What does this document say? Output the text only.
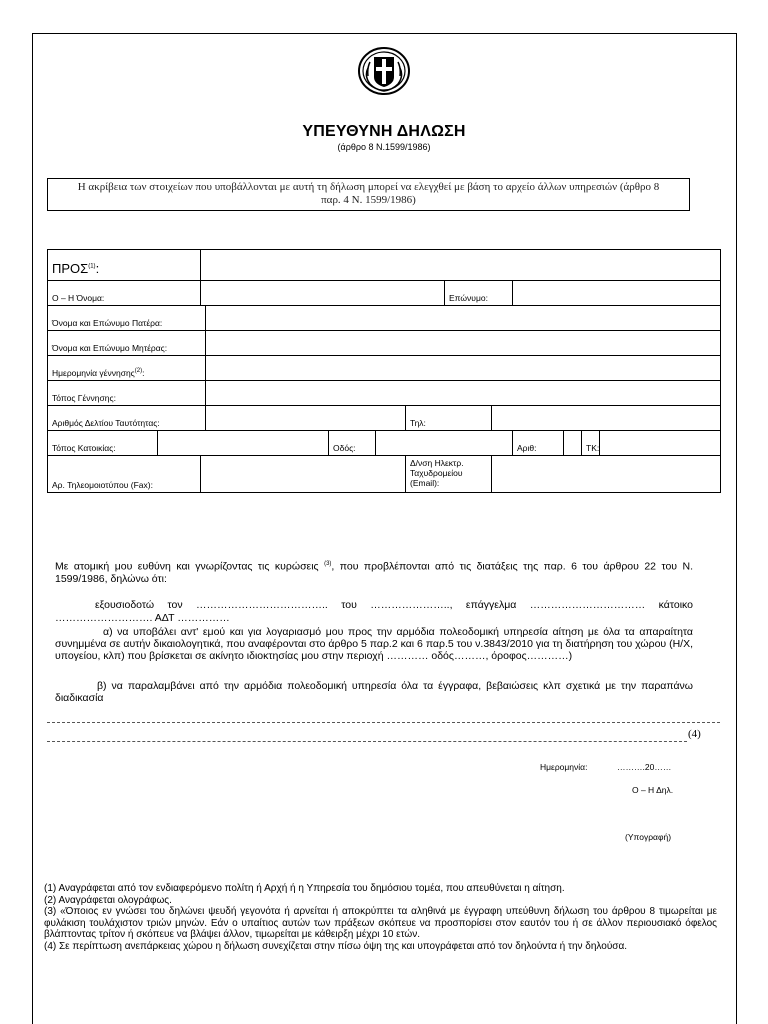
ΥΠΕΥΘΥΝΗ ΔΗΛΩΣΗ
(άρθρο 8 Ν.1599/1986)
Η ακρίβεια των στοιχείων που υποβάλλονται με αυτή τη δήλωση μπορεί να ελεγχθεί με βάση το αρχείο άλλων υπηρεσιών (άρθρο 8
παρ. 4 Ν. 1599/1986)
ΠΡΟΣ$^{(1)}$:												
Ο – Η Όνομα:							Επώνυμο:					
Όνομα και Επώνυμο Πατέρα:												
Όνομα και Επώνυμο Μητέρας:												
Ημερομηνία γέννησης$^{(2)}$:												
Τόπος Γέννησης:												
Αριθμός Δελτίου Ταυτότητας:						Τηλ:						
Τόπος Κατοικίας:				Οδός:					Αριθ:		ΤΚ:	
Αρ. Τηλεομοιοτύπου (Fax):						Δ/νση Ηλεκτρ.
Ταχυδρομείου
(Email):						

Με ατομική μου ευθύνη και γνωρίζοντας τις κυρώσεις $^{(3)}$, που προβλέπονται από τις διατάξεις της παρ. 6 του άρθρου 22 του Ν. 1599/1986, δηλώνω ότι:
εξουσιοδοτώ τον ……………………………….. του ………………….., επάγγελμα …………………………… κάτοικο
………………………. ΑΔΤ ……………
α) να υποβάλει αντ' εμού και για λογαριασμό μου προς την αρμόδια πολεοδομική υπηρεσία αίτηση με όλα τα απαραίτητα συνημμένα σε αυτήν δικαιολογητικά, που αναφέρονται στο άρθρο 5 παρ.2 και 6 παρ.5 του ν.3843/2010 για τη διατήρηση του χώρου (Η/Χ, υπογείου, κλπ) που βρίσκεται σε ακίνητο ιδιοκτησίας μου στην περιοχή ………… οδός………, όροφος…………)
β) να παραλαμβάνει από την αρμόδια πολεοδομική υπηρεσία όλα τα έγγραφα, βεβαιώσεις κλπ σχετικά με την παραπάνω διαδικασία
(4)
Ημερομηνία:	……….20……
Ο – Η Δηλ.
(Υπογραφή)
(1) Αναγράφεται από τον ενδιαφερόμενο πολίτη ή Αρχή ή η Υπηρεσία του δημόσιου τομέα, που απευθύνεται η αίτηση.
(2) Αναγράφεται ολογράφως.
(3) «Όποιος εν γνώσει του δηλώνει ψευδή γεγονότα ή αρνείται ή αποκρύπτει τα αληθινά με έγγραφη υπεύθυνη δήλωση του άρθρου 8 τιμωρείται με φυλάκιση τουλάχιστον τριών μηνών. Εάν ο υπαίτιος αυτών των πράξεων σκόπευε να προσπορίσει στον εαυτόν του ή σε άλλον περιουσιακό όφελος βλάπτοντας τρίτον ή σκόπευε να βλάψει άλλον, τιμωρείται με κάθειρξη μέχρι 10 ετών.
(4) Σε περίπτωση ανεπάρκειας χώρου η δήλωση συνεχίζεται στην πίσω όψη της και υπογράφεται από τον δηλούντα ή την δηλούσα.
